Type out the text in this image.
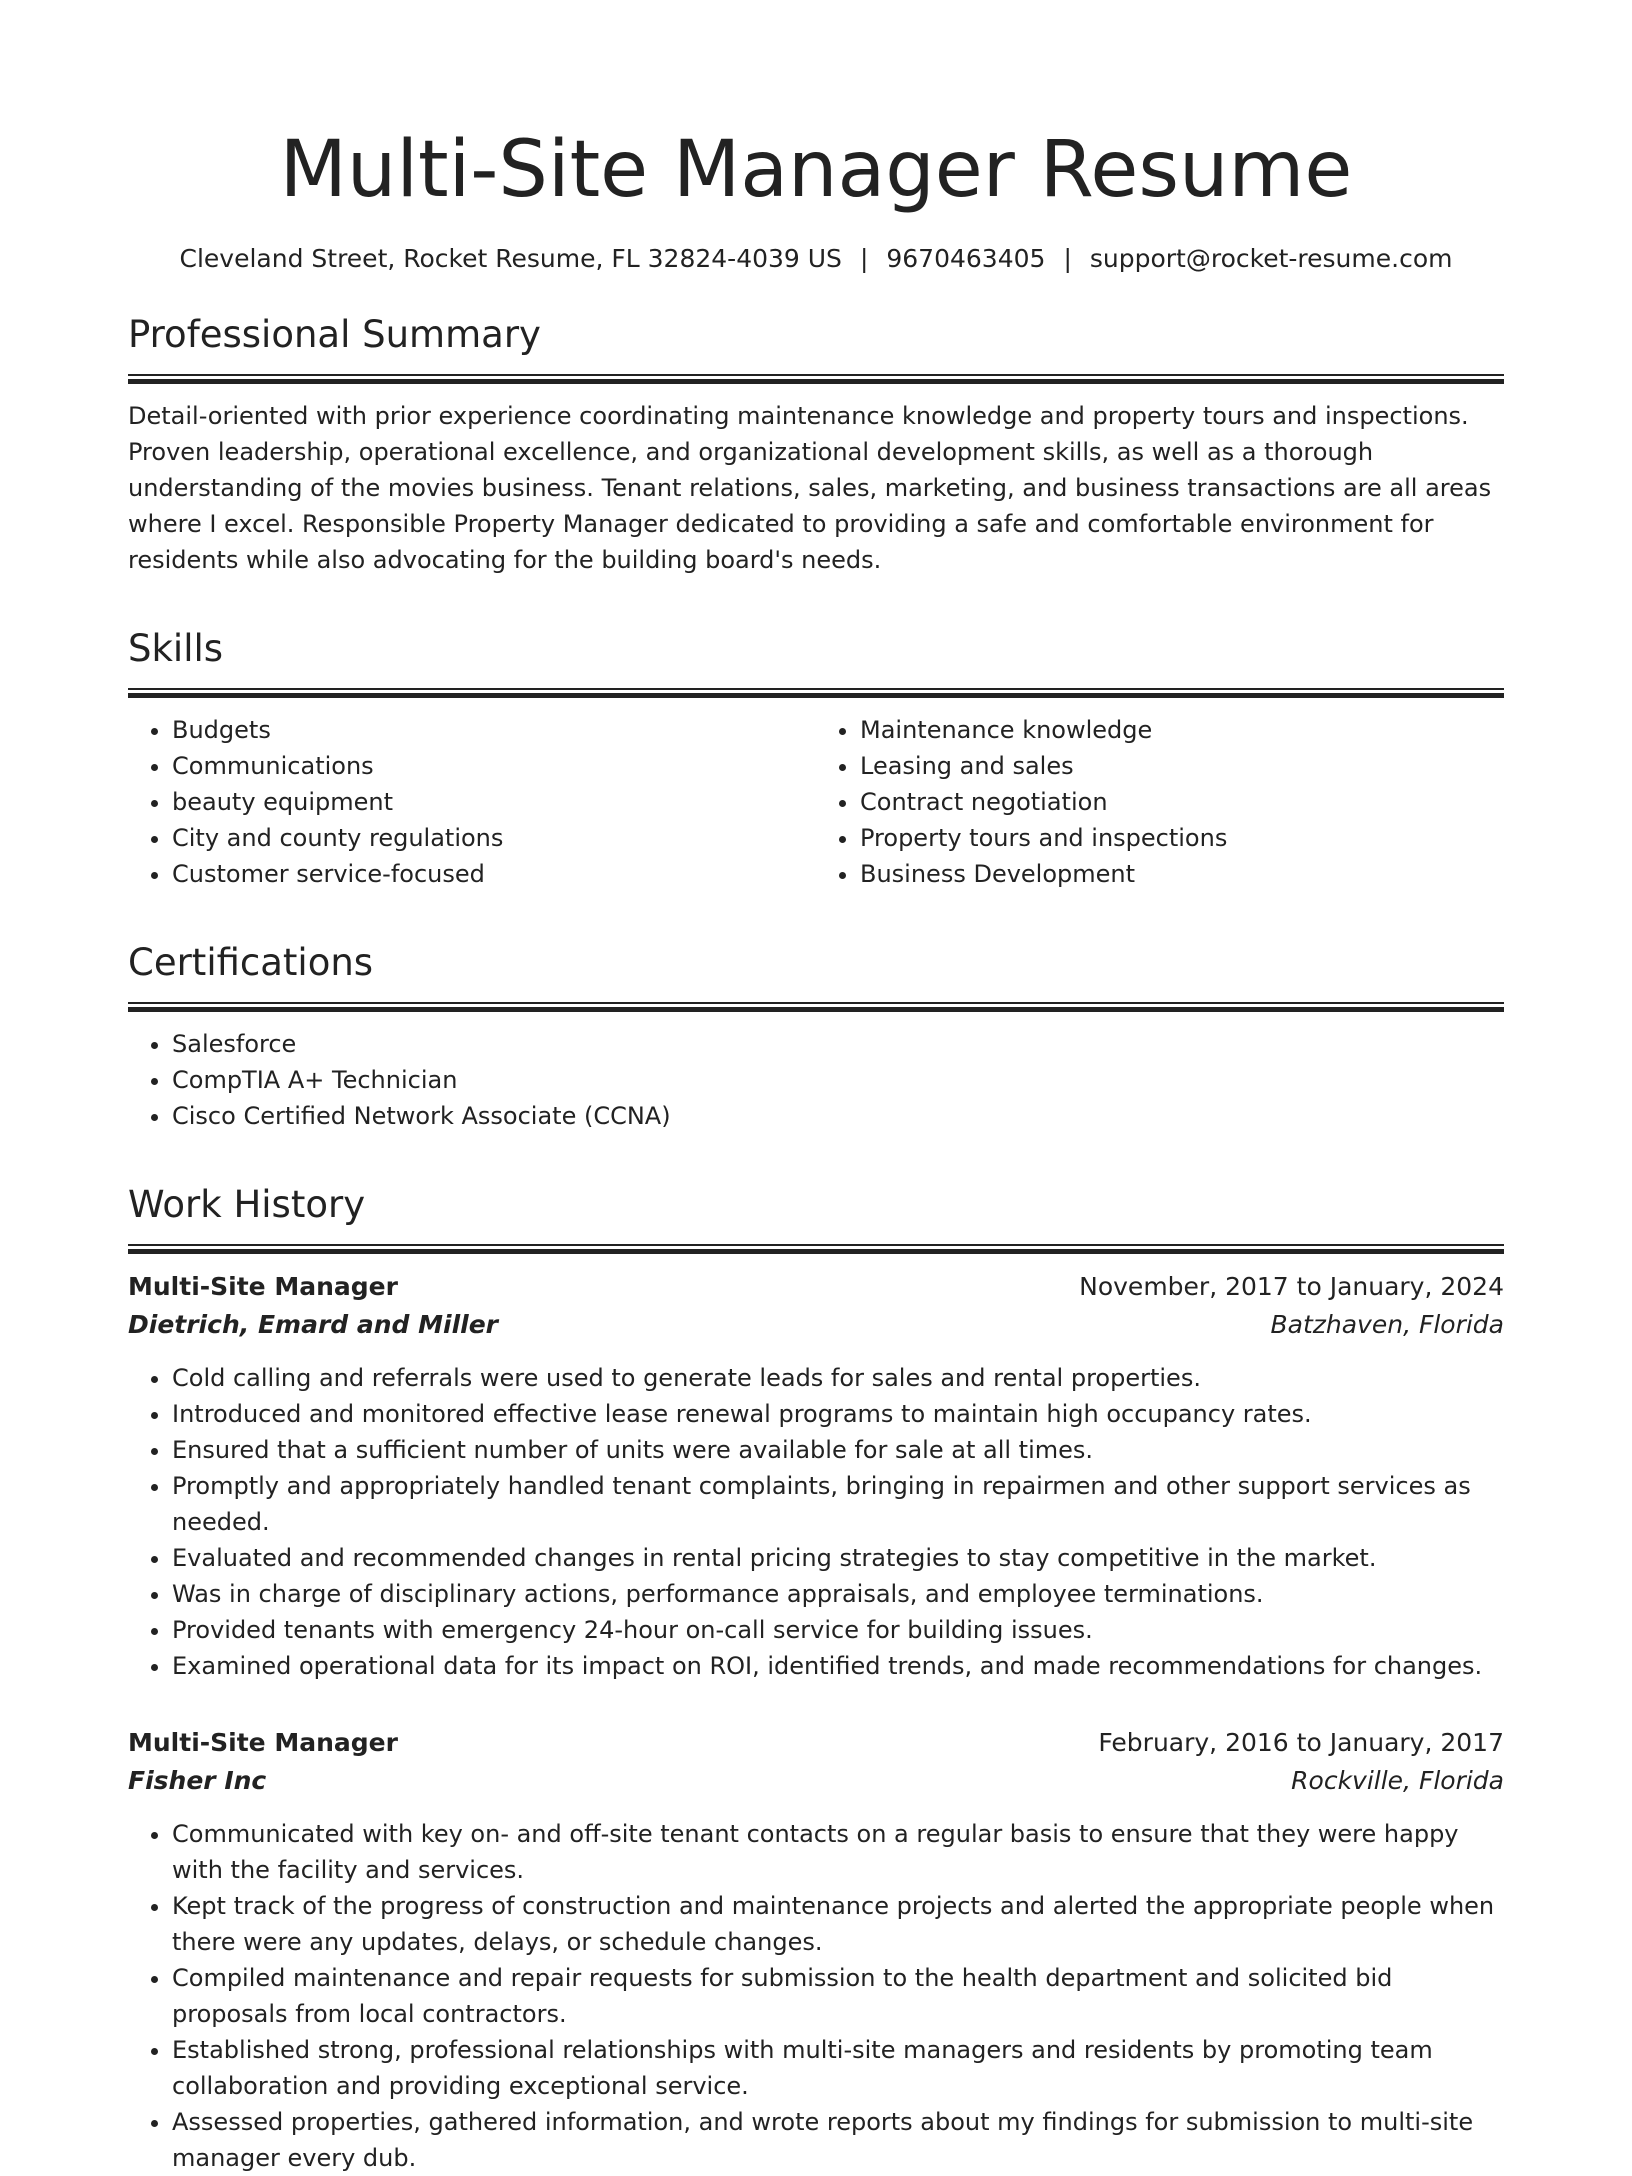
Multi-Site Manager Resume
Cleveland Street, Rocket Resume, FL 32824-4039 US | 9670463405 | support@rocket-resume.com
Professional Summary
Detail-oriented with prior experience coordinating maintenance knowledge and property tours and inspections. Proven leadership, operational excellence, and organizational development skills, as well as a thorough understanding of the movies business. Tenant relations, sales, marketing, and business transactions are all areas where I excel. Responsible Property Manager dedicated to providing a safe and comfortable environment for residents while also advocating for the building board's needs.
Skills
• Budgets
• Communications
• beauty equipment
• City and county regulations
• Customer service-focused
• Maintenance knowledge
• Leasing and sales
• Contract negotiation
• Property tours and inspections
• Business Development
Certifications
• Salesforce
• CompTIA A+ Technician
• Cisco Certified Network Associate (CCNA)
Work History
Multi-Site Manager	November, 2017 to January, 2024
Dietrich, Emard and Miller	Batzhaven, Florida
• Cold calling and referrals were used to generate leads for sales and rental properties.
• Introduced and monitored effective lease renewal programs to maintain high occupancy rates.
• Ensured that a sufficient number of units were available for sale at all times.
• Promptly and appropriately handled tenant complaints, bringing in repairmen and other support services as needed.
• Evaluated and recommended changes in rental pricing strategies to stay competitive in the market.
• Was in charge of disciplinary actions, performance appraisals, and employee terminations.
• Provided tenants with emergency 24-hour on-call service for building issues.
• Examined operational data for its impact on ROI, identified trends, and made recommendations for changes.
Multi-Site Manager	February, 2016 to January, 2017
Fisher Inc	Rockville, Florida
• Communicated with key on- and off-site tenant contacts on a regular basis to ensure that they were happy with the facility and services.
• Kept track of the progress of construction and maintenance projects and alerted the appropriate people when there were any updates, delays, or schedule changes.
• Compiled maintenance and repair requests for submission to the health department and solicited bid proposals from local contractors.
• Established strong, professional relationships with multi-site managers and residents by promoting team collaboration and providing exceptional service.
• Assessed properties, gathered information, and wrote reports about my findings for submission to multi-site manager every dub.
